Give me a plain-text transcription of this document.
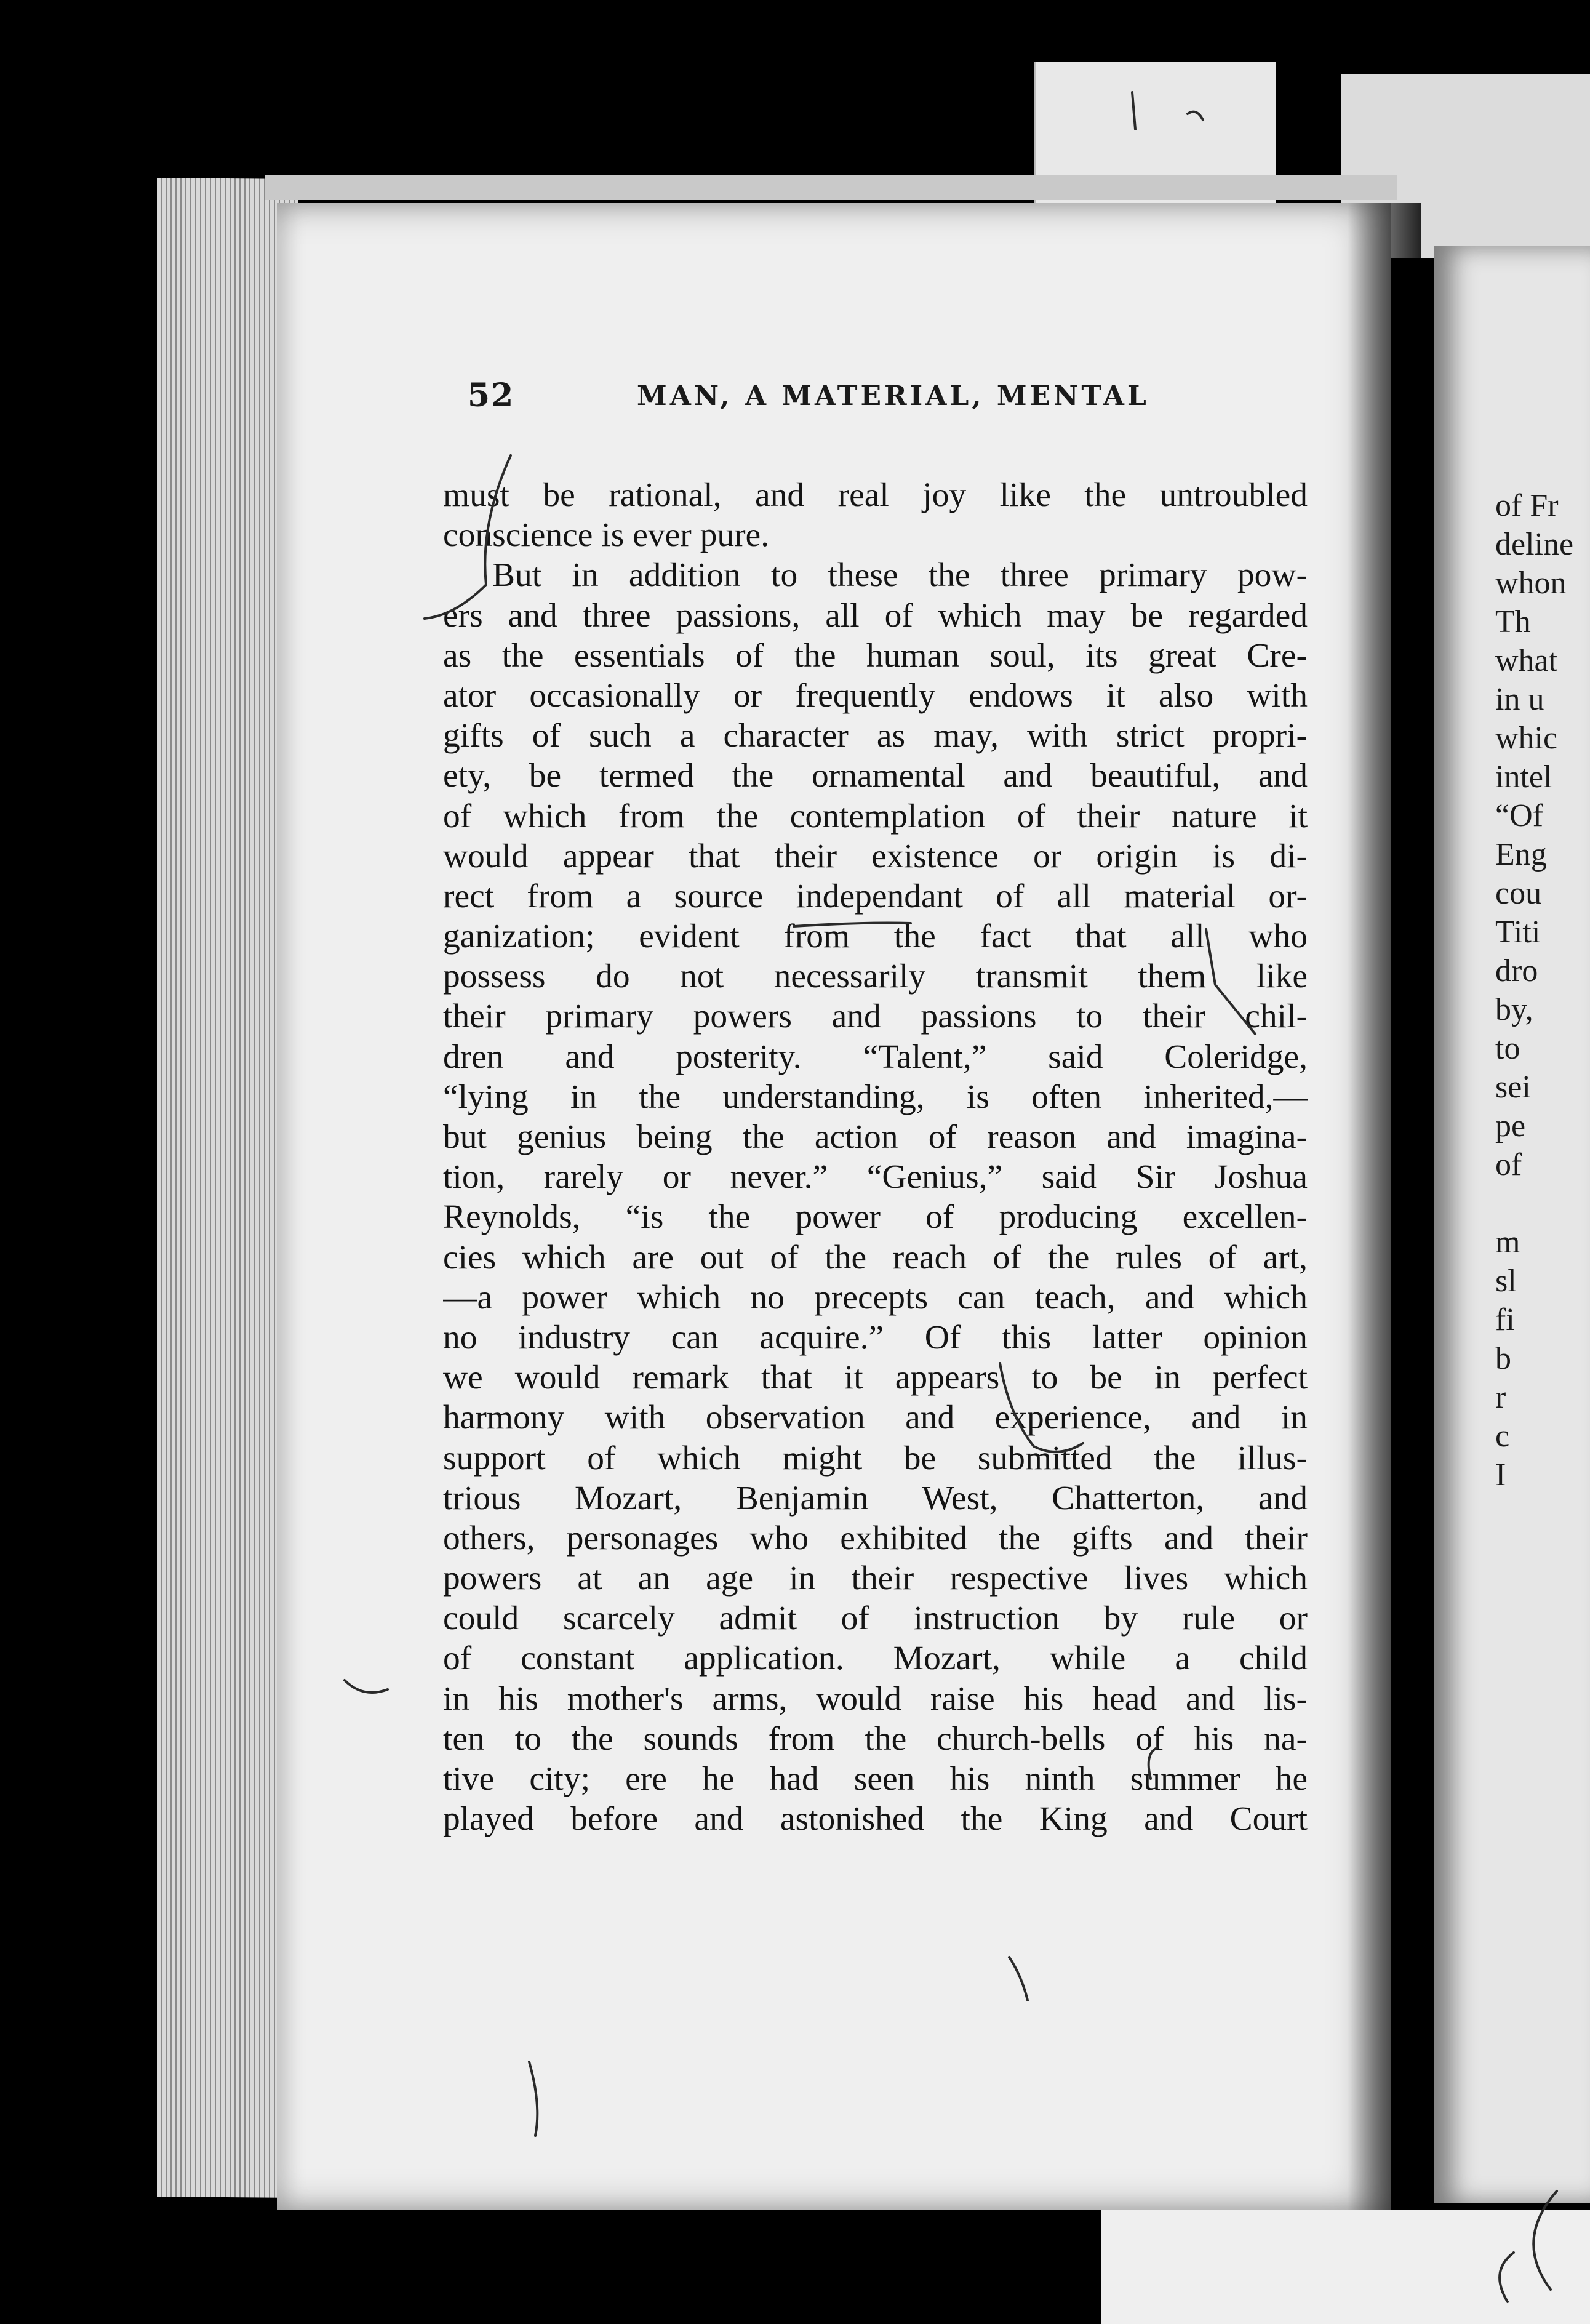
52	MAN, A MATERIAL, MENTAL
must be rational, and real joy like the untroubled
conscience is ever pure.
But in addition to these the three primary pow-
ers and three passions, all of which may be regarded
as the essentials of the human soul, its great Cre-
ator occasionally or frequently endows it also with
gifts of such a character as may, with strict propri-
ety, be termed the ornamental and beautiful, and
of which from the contemplation of their nature it
would appear that their existence or origin is di-
rect from a source independant of all material or-
ganization; evident from the fact that all who
possess do not necessarily transmit them like
their primary powers and passions to their chil-
dren and posterity. “Talent,” said Coleridge,
“lying in the understanding, is often inherited,—
but genius being the action of reason and imagina-
tion, rarely or never.” “Genius,” said Sir Joshua
Reynolds, “is the power of producing excellen-
cies which are out of the reach of the rules of art,
—a power which no precepts can teach, and which
no industry can acquire.” Of this latter opinion
we would remark that it appears to be in perfect
harmony with observation and experience, and in
support of which might be submitted the illus-
trious Mozart, Benjamin West, Chatterton, and
others, personages who exhibited the gifts and their
powers at an age in their respective lives which
could scarcely admit of instruction by rule or
of constant application. Mozart, while a child
in his mother's arms, would raise his head and lis-
ten to the sounds from the church-bells of his na-
tive city; ere he had seen his ninth summer he
played before and astonished the King and Court
of Fr
deline
whon
Th
what
in u
whic
intel
“Of
Eng
cou
Titi
dro
by,
to
sei
pe
of
m
sl
fi
b
r
c
I
